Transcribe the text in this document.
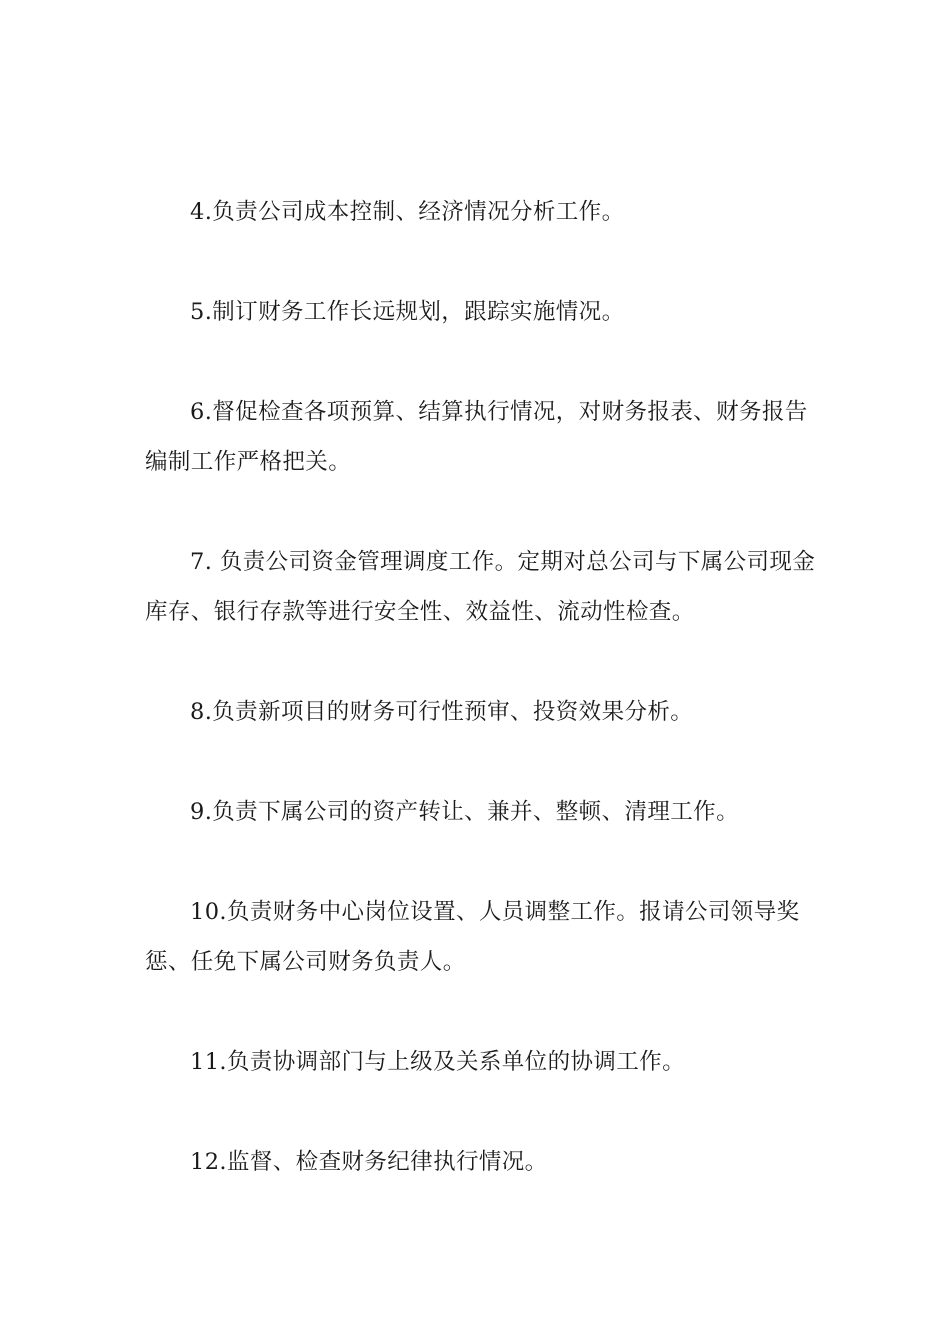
4.负责公司成本控制、经济情况分析工作。

5.制订财务工作长远规划，跟踪实施情况。

6.督促检查各项预算、结算执行情况，对财务报表、财务报告编制工作严格把关。

7. 负责公司资金管理调度工作。定期对总公司与下属公司现金库存、银行存款等进行安全性、效益性、流动性检查。

8.负责新项目的财务可行性预审、投资效果分析。

9.负责下属公司的资产转让、兼并、整顿、清理工作。

10.负责财务中心岗位设置、人员调整工作。报请公司领导奖惩、任免下属公司财务负责人。

11.负责协调部门与上级及关系单位的协调工作。

12.监督、检查财务纪律执行情况。
